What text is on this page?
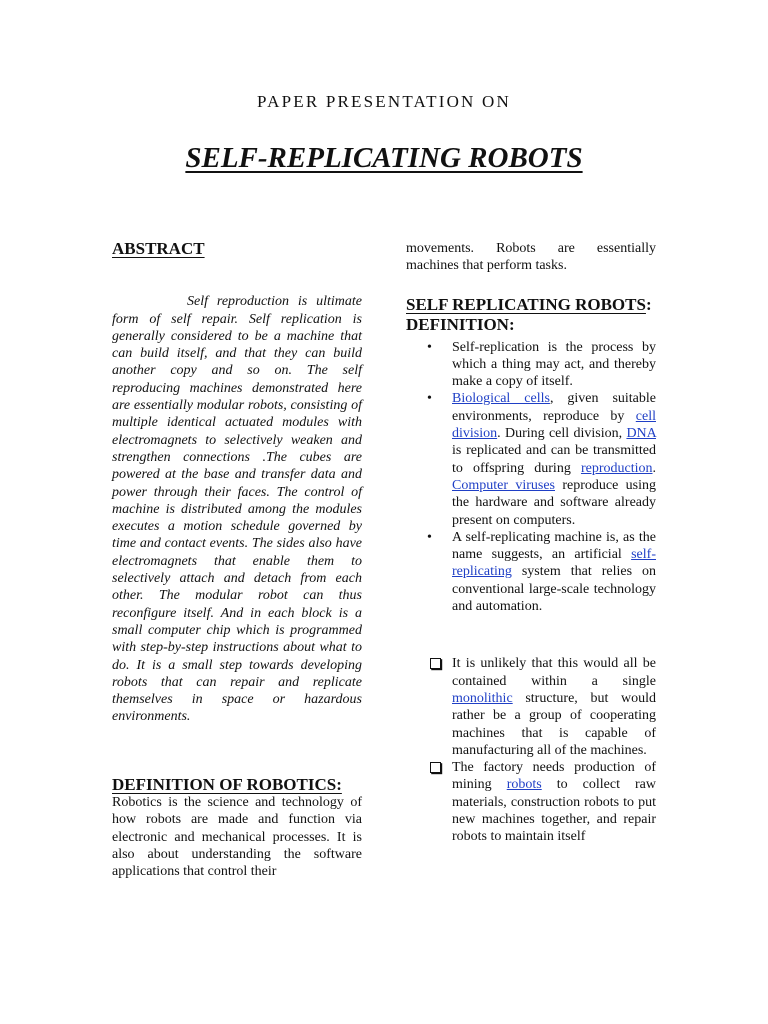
PAPER PRESENTATION ON
SELF-REPLICATING ROBOTS
ABSTRACT

Self reproduction is ultimate form of self repair. Self replication is generally considered to be a machine that can build itself, and that they can build another copy and so on. The self reproducing machines demonstrated here are essentially modular robots, consisting of multiple identical actuated modules with electromagnets to selectively weaken and strengthen connections .The cubes are powered at the base and transfer data and power through their faces. The control of machine is distributed among the modules executes a motion schedule governed by time and contact events. The sides also have electromagnets that enable them to selectively attach and detach from each other. The modular robot can thus reconfigure itself. And in each block is a small computer chip which is programmed with step-by-step instructions about what to do. It is a small step towards developing robots that can repair and replicate themselves in space or hazardous environments.

DEFINITION OF ROBOTICS:

Robotics is the science and technology of how robots are made and function via electronic and mechanical processes. It is also about understanding the software applications that control their

movements. Robots are essentially machines that perform tasks.

SELF REPLICATING ROBOTS:
DEFINITION:
• Self-replication is the process by which a thing may act, and thereby make a copy of itself.
• Biological cells, given suitable environments, reproduce by cell division. During cell division, DNA is replicated and can be transmitted to offspring during reproduction. Computer viruses reproduce using the hardware and software already present on computers.
• A self-replicating machine is, as the name suggests, an artificial self-replicating system that relies on conventional large-scale technology and automation.
It is unlikely that this would all be contained within a single monolithic structure, but would rather be a group of cooperating machines that is capable of manufacturing all of the machines.
The factory needs production of mining robots to collect raw materials, construction robots to put new machines together, and repair robots to maintain itself
